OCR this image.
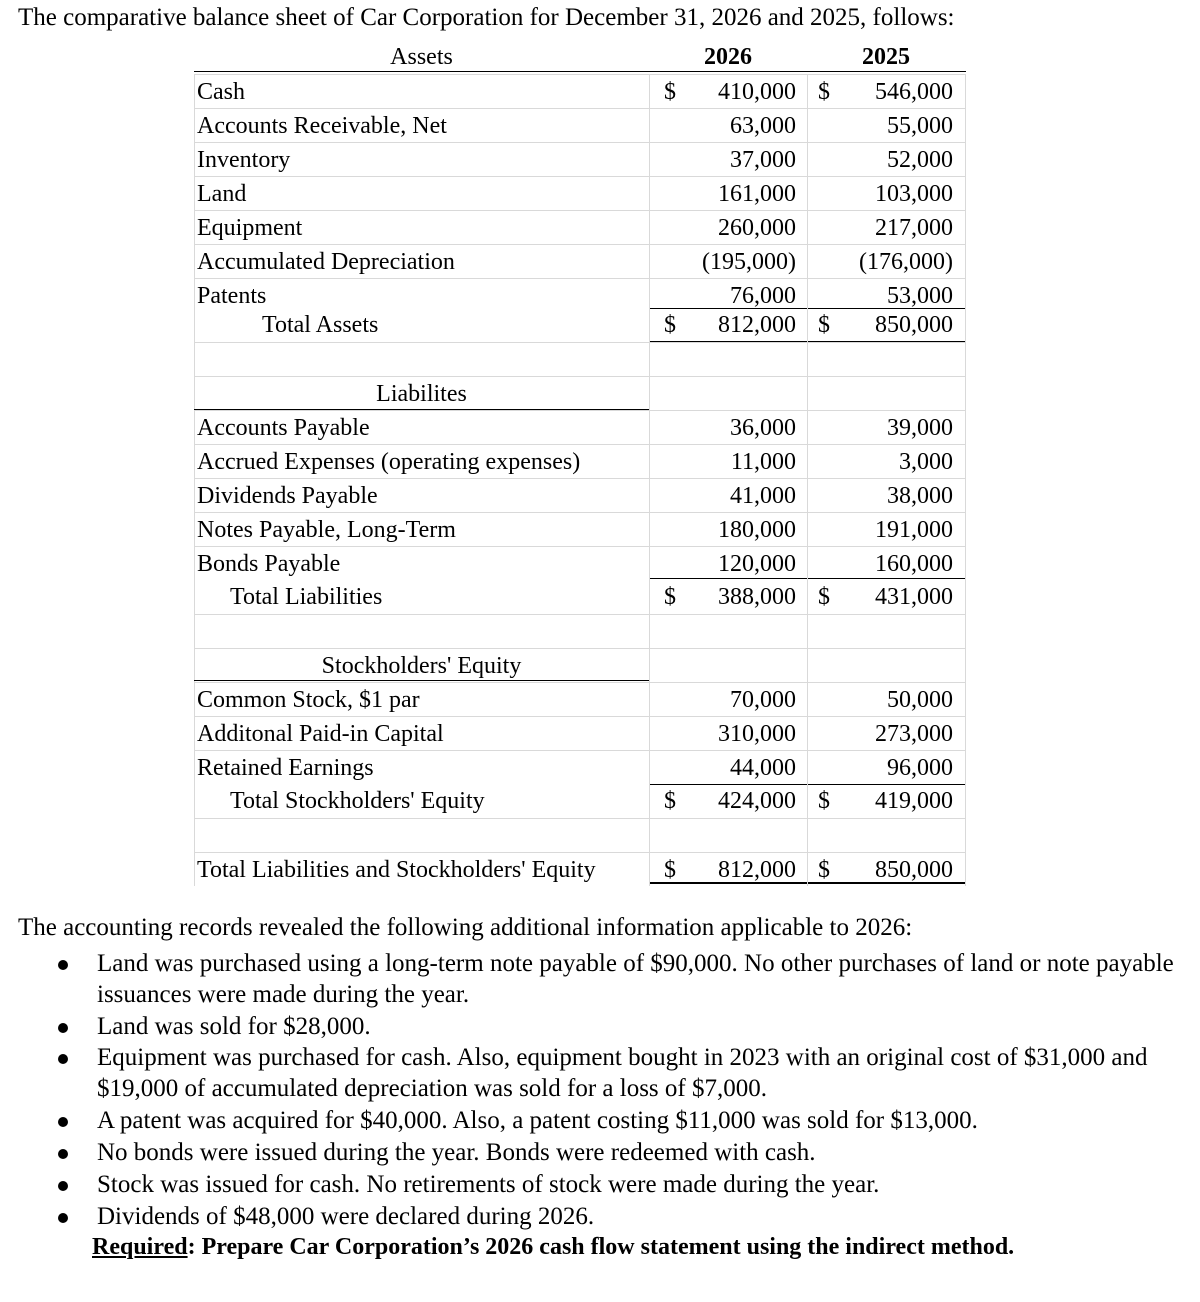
The comparative balance sheet of Car Corporation for December 31, 2026 and 2025, follows:
Assets	2026	2025
Cash	$ 410,000 $ 546,000
Accounts Receivable, Net	63,000	55,000
Inventory	37,000	52,000
Land	161,000	103,000
Equipment	260,000	217,000
Accumulated Depreciation	(195,000)	(176,000)
Patents	76,000	53,000
Total Assets	$ 812,000 $ 850,000
Liabilites
Accounts Payable	36,000	39,000
Accrued Expenses (operating expenses)	11,000	3,000
Dividends Payable	41,000	38,000
Notes Payable, Long-Term	180,000	191,000
Bonds Payable	120,000	160,000
Total Liabilities	$ 388,000 $ 431,000
Stockholders' Equity
Common Stock, $1 par	70,000	50,000
Additonal Paid-in Capital	310,000	273,000
Retained Earnings	44,000	96,000
Total Stockholders' Equity	$ 424,000 $ 419,000
Total Liabilities and Stockholders' Equity	$ 812,000 $ 850,000
The accounting records revealed the following additional information applicable to 2026:
Land was purchased using a long-term note payable of $90,000. No other purchases of land or note payable issuances were made during the year.
Land was sold for $28,000.
Equipment was purchased for cash. Also, equipment bought in 2023 with an original cost of $31,000 and $19,000 of accumulated depreciation was sold for a loss of $7,000.
A patent was acquired for $40,000. Also, a patent costing $11,000 was sold for $13,000.
No bonds were issued during the year. Bonds were redeemed with cash.
Stock was issued for cash. No retirements of stock were made during the year.
Dividends of $48,000 were declared during 2026.
Required: Prepare Car Corporation’s 2026 cash flow statement using the indirect method.
